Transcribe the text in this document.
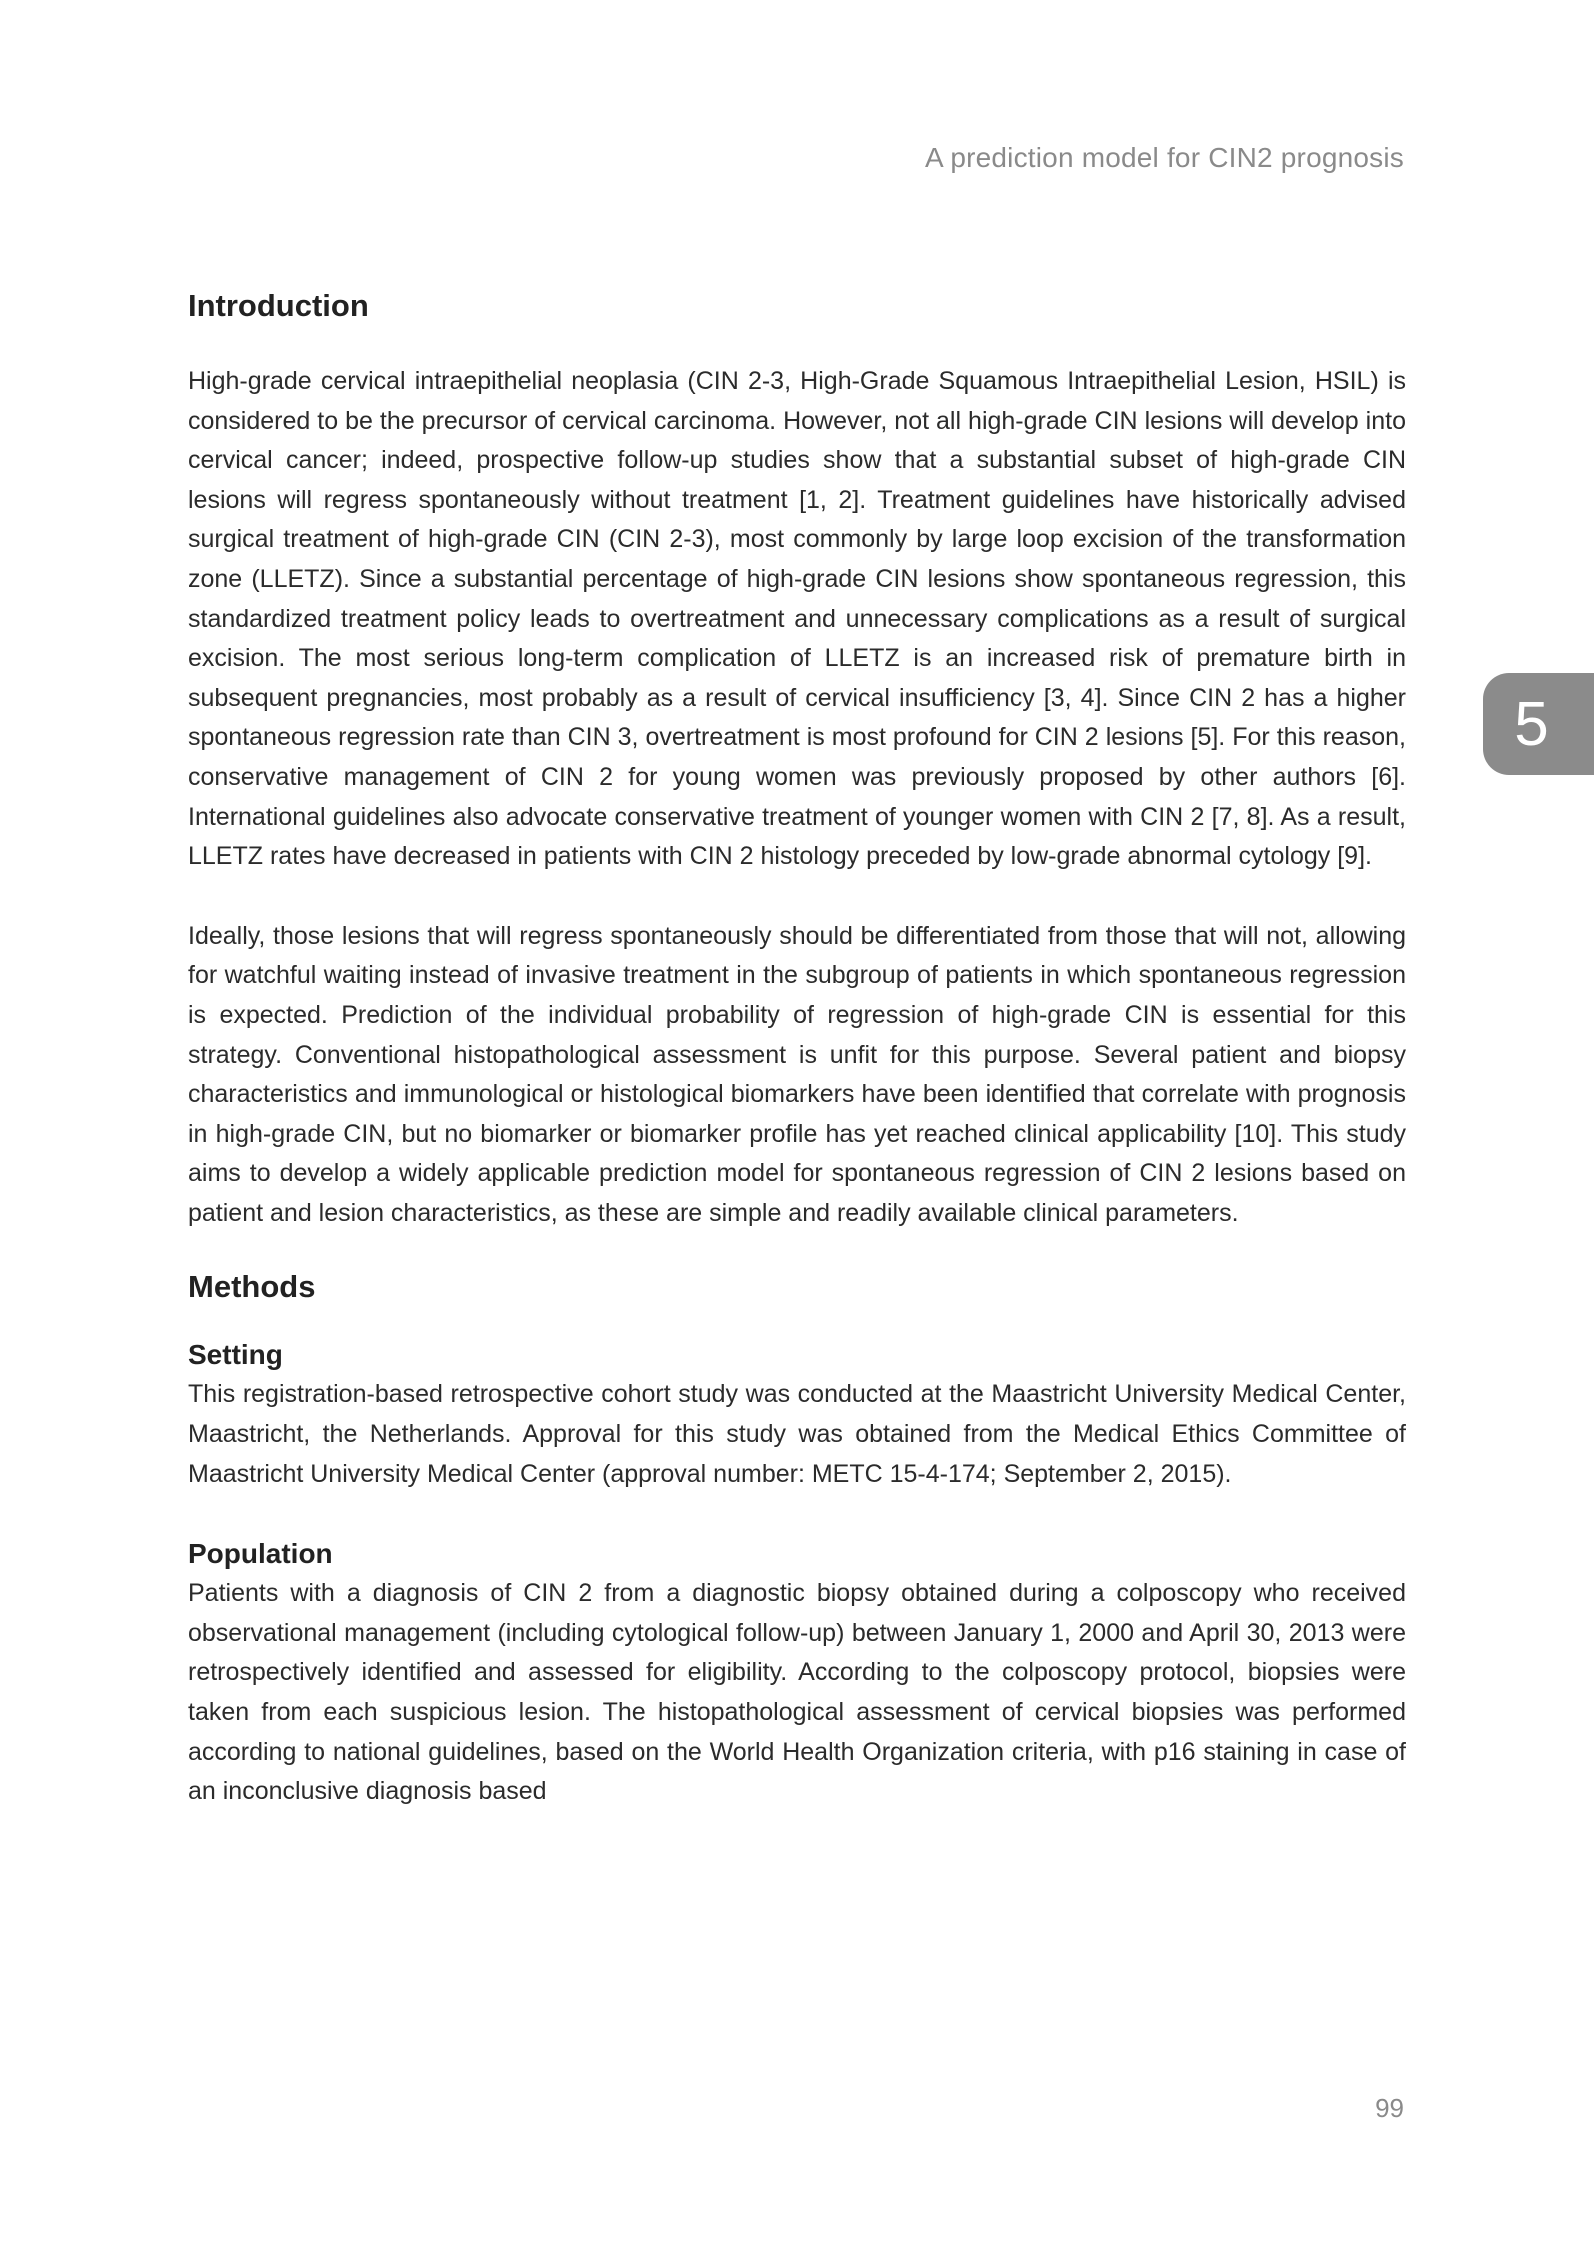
A prediction model for CIN2 prognosis
5
Introduction

High-grade cervical intraepithelial neoplasia (CIN 2-3, High-Grade Squamous Intraepithelial Lesion, HSIL) is considered to be the precursor of cervical carcinoma. However, not all high-grade CIN lesions will develop into cervical cancer; indeed, prospective follow-up studies show that a substantial subset of high-grade CIN lesions will regress spontaneously without treatment [1, 2]. Treatment guidelines have historically advised surgical treatment of high-grade CIN (CIN 2-3), most commonly by large loop excision of the transformation zone (LLETZ). Since a substantial percentage of high-grade CIN lesions show spontaneous regression, this standardized treatment policy leads to overtreatment and unnecessary complications as a result of surgical excision. The most serious long-term complication of LLETZ is an increased risk of premature birth in subsequent pregnancies, most probably as a result of cervical insufficiency [3, 4]. Since CIN 2 has a higher spontaneous regression rate than CIN 3, overtreatment is most profound for CIN 2 lesions [5]. For this reason, conservative management of CIN 2 for young women was previously proposed by other authors [6]. International guidelines also advocate conservative treatment of younger women with CIN 2 [7, 8]. As a result, LLETZ rates have decreased in patients with CIN 2 histology preceded by low-grade abnormal cytology [9].

Ideally, those lesions that will regress spontaneously should be differentiated from those that will not, allowing for watchful waiting instead of invasive treatment in the subgroup of patients in which spontaneous regression is expected. Prediction of the individual probability of regression of high-grade CIN is essential for this strategy. Conventional histopathological assessment is unfit for this purpose. Several patient and biopsy characteristics and immunological or histological biomarkers have been identified that correlate with prognosis in high-grade CIN, but no biomarker or biomarker profile has yet reached clinical applicability [10]. This study aims to develop a widely applicable prediction model for spontaneous regression of CIN 2 lesions based on patient and lesion characteristics, as these are simple and readily available clinical parameters.

Methods
Setting

This registration-based retrospective cohort study was conducted at the Maastricht University Medical Center, Maastricht, the Netherlands. Approval for this study was obtained from the Medical Ethics Committee of Maastricht University Medical Center (approval number: METC 15-4-174; September 2, 2015).

Population

Patients with a diagnosis of CIN 2 from a diagnostic biopsy obtained during a colposcopy who received observational management (including cytological follow-up) between January 1, 2000 and April 30, 2013 were retrospectively identified and assessed for eligibility. According to the colposcopy protocol, biopsies were taken from each suspicious lesion. The histopathological assessment of cervical biopsies was performed according to national guidelines, based on the World Health Organization criteria, with p16 staining in case of an inconclusive diagnosis based

99
